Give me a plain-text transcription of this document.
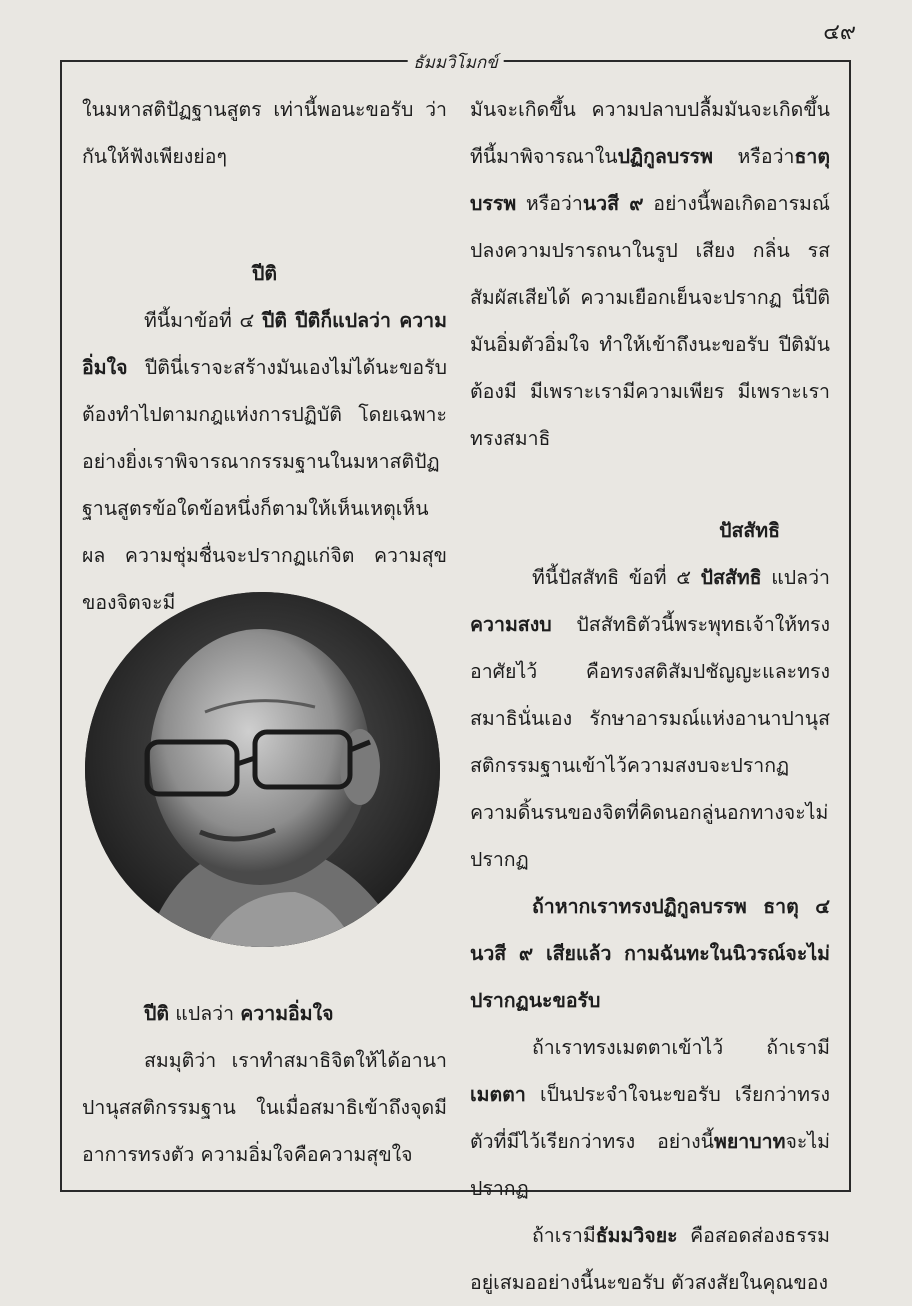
๔๙
ธัมมวิโมกข์

ในมหาสติปัฏฐานสูตร เท่านี้พอนะขอรับ ว่ากันให้ฟังเพียงย่อๆ

ปีติ

ทีนี้มาข้อที่ ๔ ปีติ ปีติก็แปลว่า ความอิ่มใจ ปีตินี่เราจะสร้างมันเองไม่ได้นะขอรับ ต้องทำไปตามกฎแห่งการปฏิบัติ โดยเฉพาะอย่างยิ่งเราพิจารณากรรมฐานในมหาสติปัฏฐานสูตรข้อใดข้อหนึ่งก็ตามให้เห็นเหตุเห็นผล ความชุ่มชื่นจะปรากฏแก่จิต ความสุขของจิตจะมี

ปีติ แปลว่า ความอิ่มใจ

สมมุติว่า เราทำสมาธิจิตให้ได้อานาปานุสสติกรรมฐาน ในเมื่อสมาธิเข้าถึงจุดมีอาการทรงตัว ความอิ่มใจคือความสุขใจ

มันจะเกิดขึ้น ความปลาบปลื้มมันจะเกิดขึ้น ทีนี้มาพิจารณาในปฏิกูลบรรพ หรือว่าธาตุบรรพ หรือว่านวสี ๙ อย่างนี้พอเกิดอารมณ์ปลงความปรารถนาในรูป เสียง กลิ่น รส สัมผัสเสียได้ ความเยือกเย็นจะปรากฏ นี่ปีติมันอิ่มตัวอิ่มใจ ทำให้เข้าถึงนะขอรับ ปีติมันต้องมี มีเพราะเรามีความเพียร มีเพราะเราทรงสมาธิ

ปัสสัทธิ

ทีนี้ปัสสัทธิ ข้อที่ ๕ ปัสสัทธิ แปลว่า ความสงบ ปัสสัทธิตัวนี้พระพุทธเจ้าให้ทรงอาศัยไว้ คือทรงสติสัมปชัญญะและทรงสมาธินั่นเอง รักษาอารมณ์แห่งอานาปานุสสติกรรมฐานเข้าไว้ความสงบจะปรากฏ ความดิ้นรนของจิตที่คิดนอกลู่นอกทางจะไม่ปรากฏ

ถ้าหากเราทรงปฏิกูลบรรพ ธาตุ ๔ นวสี ๙ เสียแล้ว กามฉันทะในนิวรณ์จะไม่ปรากฏนะขอรับ

ถ้าเราทรงเมตตาเข้าไว้ ถ้าเรามีเมตตา เป็นประจำใจนะขอรับ เรียกว่าทรง ตัวที่มีไว้เรียกว่าทรง อย่างนี้พยาบาทจะไม่ปรากฏ

ถ้าเรามีธัมมวิจยะ คือสอดส่องธรรมอยู่เสมออย่างนี้นะขอรับ ตัวสงสัยในคุณของ
